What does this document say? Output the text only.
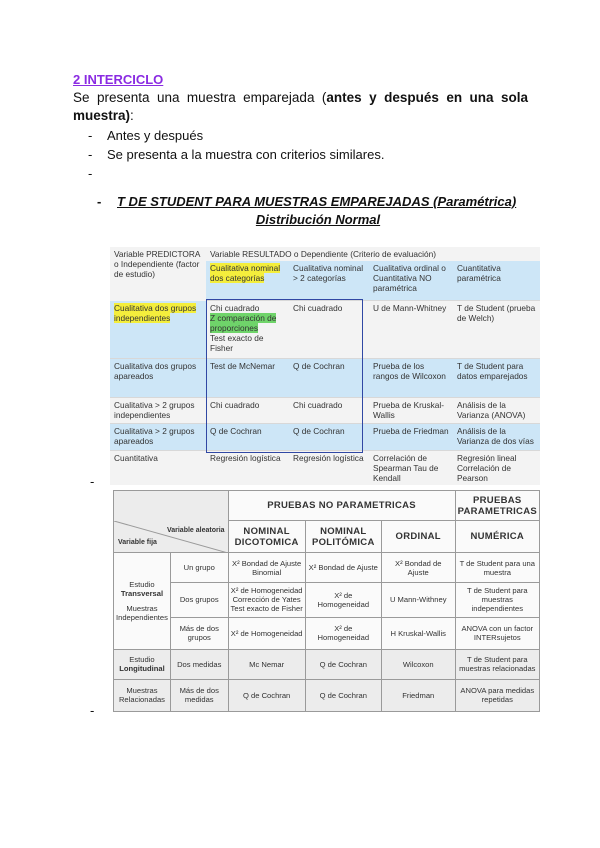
2 INTERCICLO
Se presenta una muestra emparejada (antes y después en una sola muestra):
-	Antes y después
-	Se presenta a la muestra con criterios similares.
-
-	T DE STUDENT PARA MUESTRAS EMPAREJADAS (Paramétrica)
Distribución Normal
Variable PREDICTORA o Independiente (factor de estudio)	Variable RESULTADO o Dependiente (Criterio de evaluación)			
	Cualitativa nominal dos categorías	Cualitativa nominal > 2 categorías	Cualitativa ordinal o Cuantitativa NO paramétrica	Cuantitativa paramétrica
Cualitativa dos grupos independientes	Chi cuadrado
Z comparación de proporciones
Test exacto de Fisher	Chi cuadrado	U de Mann-Whitney	T de Student (prueba de Welch)
Cualitativa dos grupos apareados	Test de McNemar	Q de Cochran	Prueba de los rangos de Wilcoxon	T de Student para datos emparejados
Cualitativa > 2 grupos independientes	Chi cuadrado	Chi cuadrado	Prueba de Kruskal-Wallis	Análisis de la Varianza (ANOVA)
Cualitativa > 2 grupos apareados	Q de Cochran	Q de Cochran	Prueba de Friedman	Análisis de la Varianza de dos vías
Cuantitativa	Regresión logística	Regresión logística	Correlación de Spearman Tau de Kendall	Regresión lineal Correlación de Pearson
-
		PRUEBAS NO PARAMETRICAS			PRUEBAS PARAMETRICAS

Variable aleatoria
Variable fija		NOMINAL DICOTOMICA	NOMINAL POLITÓMICA	ORDINAL	NUMÉRICA

Estudio
Transversal
Muestras
Independientes	Un grupo	X² Bondad de Ajuste Binomial	X² Bondad de Ajuste	X² Bondad de Ajuste	T de Student para una muestra
	Dos grupos	X² de Homogeneidad Corrección de Yates Test exacto de Fisher	X² de Homogeneidad	U Mann-Withney	T de Student para muestras independientes
	Más de dos grupos	X² de Homogeneidad	X² de Homogeneidad	H Kruskal-Wallis	ANOVA con un factor INTERsujetos

Estudio
Longitudinal	Dos medidas	Mc Nemar	Q de Cochran	Wilcoxon	T de Student para muestras relacionadas
Muestras Relacionadas	Más de dos medidas	Q de Cochran	Q de Cochran	Friedman	ANOVA para medidas repetidas
-
